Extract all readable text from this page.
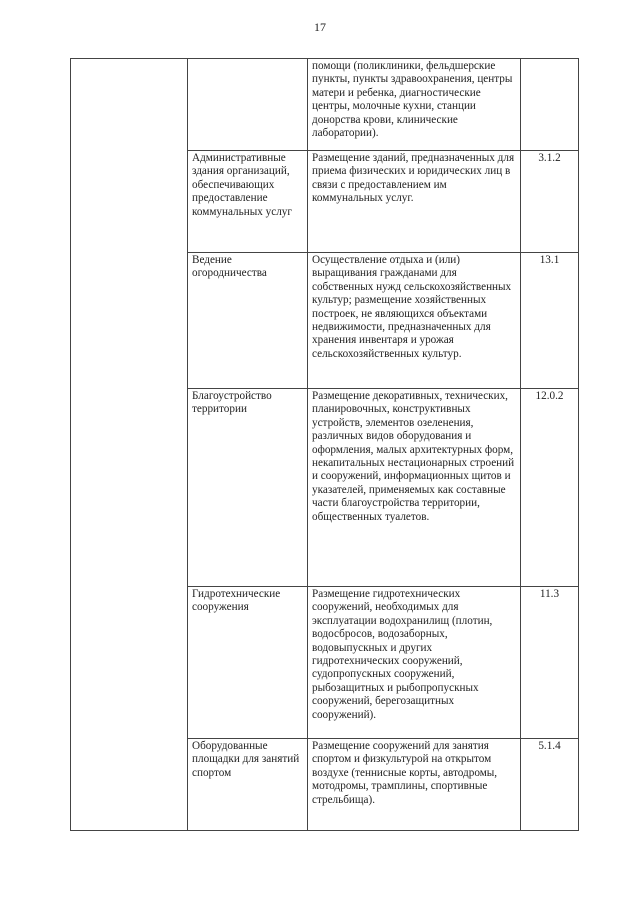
17
		помощи (поликлиники, фельдшерские пункты, пункты здравоохранения, центры матери и ребенка, диагностические центры, молочные кухни, станции донорства крови, клинические лаборатории).	
	Административные здания организаций, обеспечивающих предоставление коммунальных услуг	Размещение зданий, предназначенных для приема физических и юридических лиц в связи с предоставлением им коммунальных услуг.	3.1.2
	Ведение огородничества	Осуществление отдыха и (или) выращивания гражданами для собственных нужд сельскохозяйственных культур; размещение хозяйственных построек, не являющихся объектами недвижимости, предназначенных для хранения инвентаря и урожая сельскохозяйственных культур.	13.1
	Благоустройство территории	Размещение декоративных, технических, планировочных, конструктивных устройств, элементов озеленения, различных видов оборудования и оформления, малых архитектурных форм, некапитальных нестационарных строений и сооружений, информационных щитов и указателей, применяемых как составные части благоустройства территории, общественных туалетов.	12.0.2
	Гидротехнические сооружения	Размещение гидротехнических сооружений, необходимых для эксплуатации водохранилищ (плотин, водосбросов, водозаборных, водовыпускных и других гидротехнических сооружений, судопропускных сооружений, рыбозащитных и рыбопропускных сооружений, берегозащитных сооружений).	11.3
	Оборудованные площадки для занятий спортом	Размещение сооружений для занятия спортом и физкультурой на открытом воздухе (теннисные корты, автодромы, мотодромы, трамплины, спортивные стрельбища).	5.1.4
